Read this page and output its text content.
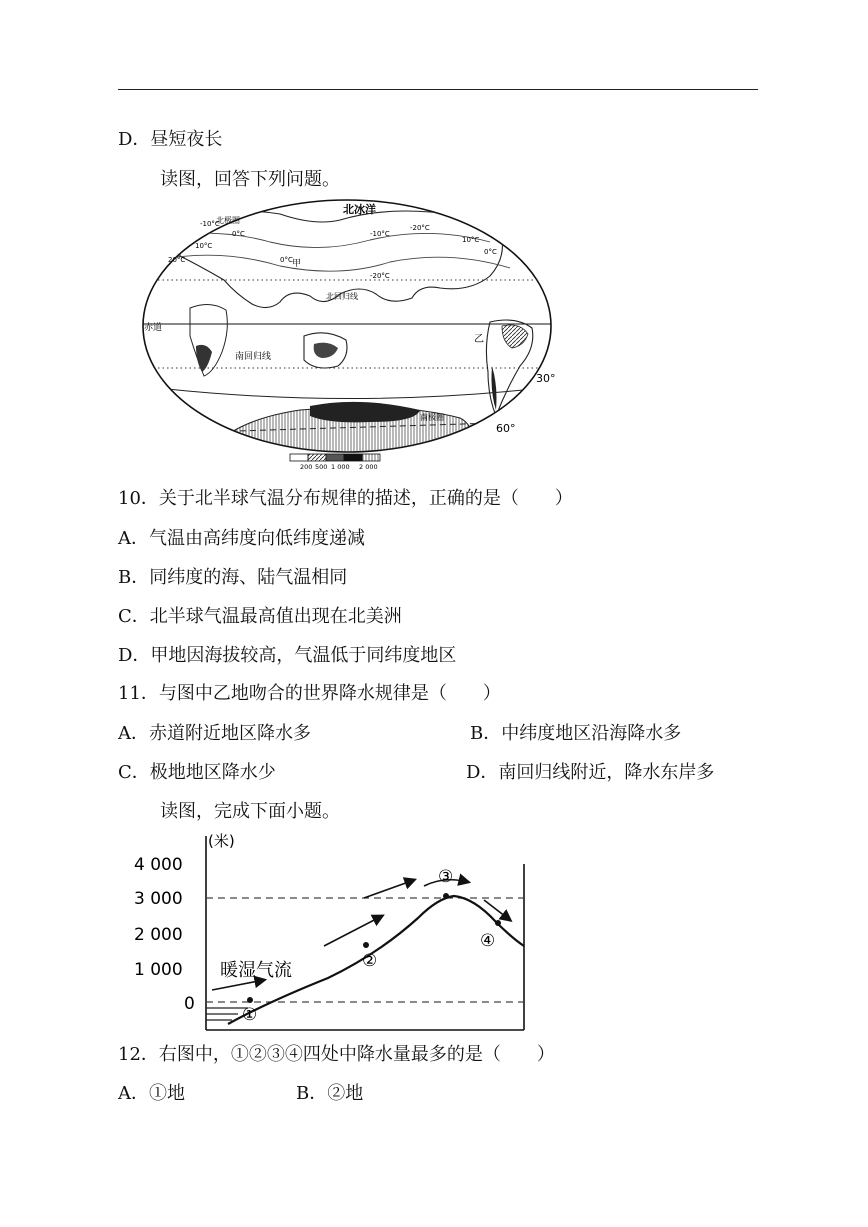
D．昼短夜长
读图，回答下列问题。
北冰洋
北极圈
北回归线
赤道
南回归线
南极圈
甲
乙
30°
60°
-10°C
0°C	-10°C
-20°C
0°C
10°C
20°C
-20°C
10°C
0°C
200 500 1 000 2 000
10．关于北半球气温分布规律的描述，正确的是（　　）
A．气温由高纬度向低纬度递减
B．同纬度的海、陆气温相同
C．北半球气温最高值出现在北美洲
D．甲地因海拔较高，气温低于同纬度地区
11．与图中乙地吻合的世界降水规律是（　　）
A．赤道附近地区降水多	B．中纬度地区沿海降水多
C．极地地区降水少	D．南回归线附近，降水东岸多
读图，完成下面小题。
(米)
4 000
3 000
2 000
1 000
0
暖湿气流
①
②
③
④
12．右图中，①②③④四处中降水量最多的是（　　）
A．①地	B．②地
